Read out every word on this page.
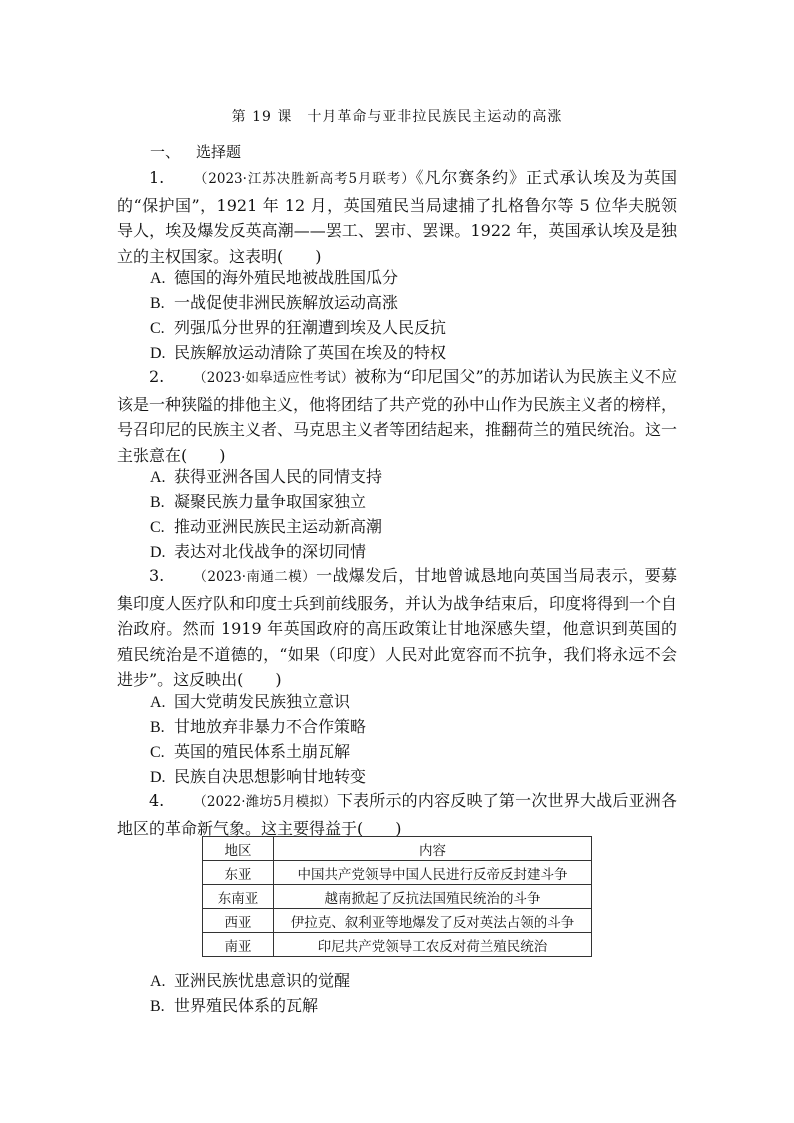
第 19 课　十月革命与亚非拉民族民主运动的高涨
一、 选择题

1. （2023·江苏决胜新高考5月联考）《凡尔赛条约》正式承认埃及为英国的“保护国”，1921 年 12 月，英国殖民当局逮捕了扎格鲁尔等 5 位华夫脱领导人，埃及爆发反英高潮——罢工、罢市、罢课。1922 年，英国承认埃及是独立的主权国家。这表明(　　)

A. 德国的海外殖民地被战胜国瓜分
B. 一战促使非洲民族解放运动高涨
C. 列强瓜分世界的狂潮遭到埃及人民反抗
D. 民族解放运动清除了英国在埃及的特权

2. （2023·如皋适应性考试）被称为“印尼国父”的苏加诺认为民族主义不应该是一种狭隘的排他主义，他将团结了共产党的孙中山作为民族主义者的榜样，号召印尼的民族主义者、马克思主义者等团结起来，推翻荷兰的殖民统治。这一主张意在(　　)

A. 获得亚洲各国人民的同情支持
B. 凝聚民族力量争取国家独立
C. 推动亚洲民族民主运动新高潮
D. 表达对北伐战争的深切同情

3. （2023·南通二模）一战爆发后，甘地曾诚恳地向英国当局表示，要募集印度人医疗队和印度士兵到前线服务，并认为战争结束后，印度将得到一个自治政府。然而 1919 年英国政府的高压政策让甘地深感失望，他意识到英国的殖民统治是不道德的，“如果（印度）人民对此宽容而不抗争，我们将永远不会进步”。这反映出(　　)

A. 国大党萌发民族独立意识
B. 甘地放弃非暴力不合作策略
C. 英国的殖民体系土崩瓦解
D. 民族自决思想影响甘地转变

4. （2022·潍坊5月模拟）下表所示的内容反映了第一次世界大战后亚洲各地区的革命新气象。这主要得益于(　　)

地区	内容
东亚	中国共产党领导中国人民进行反帝反封建斗争
东南亚	越南掀起了反抗法国殖民统治的斗争
西亚	伊拉克、叙利亚等地爆发了反对英法占领的斗争
南亚	印尼共产党领导工农反对荷兰殖民统治
A. 亚洲民族忧患意识的觉醒
B. 世界殖民体系的瓦解
